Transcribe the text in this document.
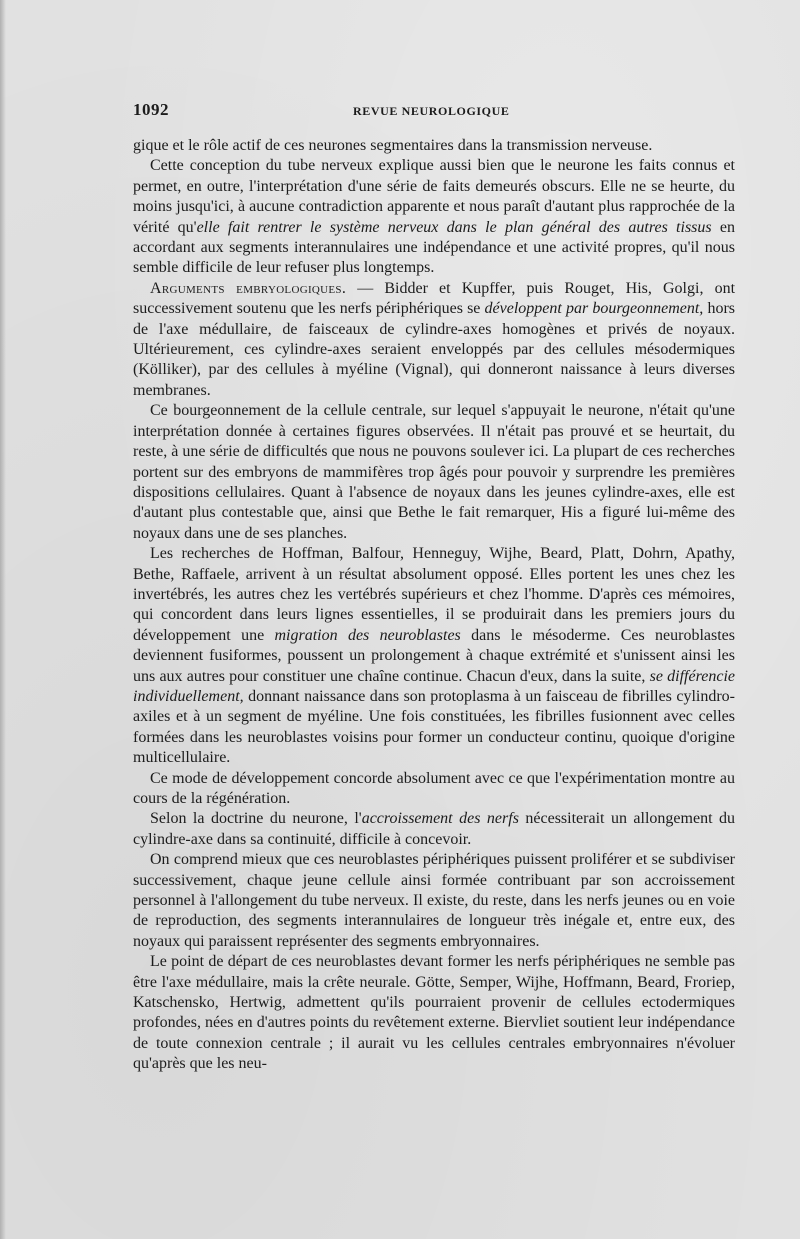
1092	REVUE NEUROLOGIQUE

gique et le rôle actif de ces neurones segmentaires dans la transmission nerveuse.

Cette conception du tube nerveux explique aussi bien que le neurone les faits connus et permet, en outre, l'interprétation d'une série de faits demeurés obscurs. Elle ne se heurte, du moins jusqu'ici, à aucune contradiction apparente et nous paraît d'autant plus rapprochée de la vérité qu'elle fait rentrer le système nerveux dans le plan général des autres tissus en accordant aux segments interannulaires une indépendance et une activité propres, qu'il nous semble difficile de leur refuser plus longtemps.

Arguments embryologiques. — Bidder et Kupffer, puis Rouget, His, Golgi, ont successivement soutenu que les nerfs périphériques se développent par bourgeonnement, hors de l'axe médullaire, de faisceaux de cylindre-axes homogènes et privés de noyaux. Ultérieurement, ces cylindre-axes seraient enveloppés par des cellules mésodermiques (Kölliker), par des cellules à myéline (Vignal), qui donneront naissance à leurs diverses membranes.

Ce bourgeonnement de la cellule centrale, sur lequel s'appuyait le neurone, n'était qu'une interprétation donnée à certaines figures observées. Il n'était pas prouvé et se heurtait, du reste, à une série de difficultés que nous ne pouvons soulever ici. La plupart de ces recherches portent sur des embryons de mammifères trop âgés pour pouvoir y surprendre les premières dispositions cellulaires. Quant à l'absence de noyaux dans les jeunes cylindre-axes, elle est d'autant plus contestable que, ainsi que Bethe le fait remarquer, His a figuré lui-même des noyaux dans une de ses planches.

Les recherches de Hoffman, Balfour, Henneguy, Wijhe, Beard, Platt, Dohrn, Apathy, Bethe, Raffaele, arrivent à un résultat absolument opposé. Elles portent les unes chez les invertébrés, les autres chez les vertébrés supérieurs et chez l'homme. D'après ces mémoires, qui concordent dans leurs lignes essentielles, il se produirait dans les premiers jours du développement une migration des neuroblastes dans le mésoderme. Ces neuroblastes deviennent fusiformes, poussent un prolongement à chaque extrémité et s'unissent ainsi les uns aux autres pour constituer une chaîne continue. Chacun d'eux, dans la suite, se différencie individuellement, donnant naissance dans son protoplasma à un faisceau de fibrilles cylindro-axiles et à un segment de myéline. Une fois constituées, les fibrilles fusionnent avec celles formées dans les neuroblastes voisins pour former un conducteur continu, quoique d'origine multicellulaire.

Ce mode de développement concorde absolument avec ce que l'expérimentation montre au cours de la régénération.

Selon la doctrine du neurone, l'accroissement des nerfs nécessiterait un allongement du cylindre-axe dans sa continuité, difficile à concevoir.

On comprend mieux que ces neuroblastes périphériques puissent proliférer et se subdiviser successivement, chaque jeune cellule ainsi formée contribuant par son accroissement personnel à l'allongement du tube nerveux. Il existe, du reste, dans les nerfs jeunes ou en voie de reproduction, des segments interannulaires de longueur très inégale et, entre eux, des noyaux qui paraissent représenter des segments embryonnaires.

Le point de départ de ces neuroblastes devant former les nerfs périphériques ne semble pas être l'axe médullaire, mais la crête neurale. Götte, Semper, Wijhe, Hoffmann, Beard, Froriep, Katschensko, Hertwig, admettent qu'ils pourraient provenir de cellules ectodermiques profondes, nées en d'autres points du revêtement externe. Biervliet soutient leur indépendance de toute connexion centrale ; il aurait vu les cellules centrales embryonnaires n'évoluer qu'après que les neu-
